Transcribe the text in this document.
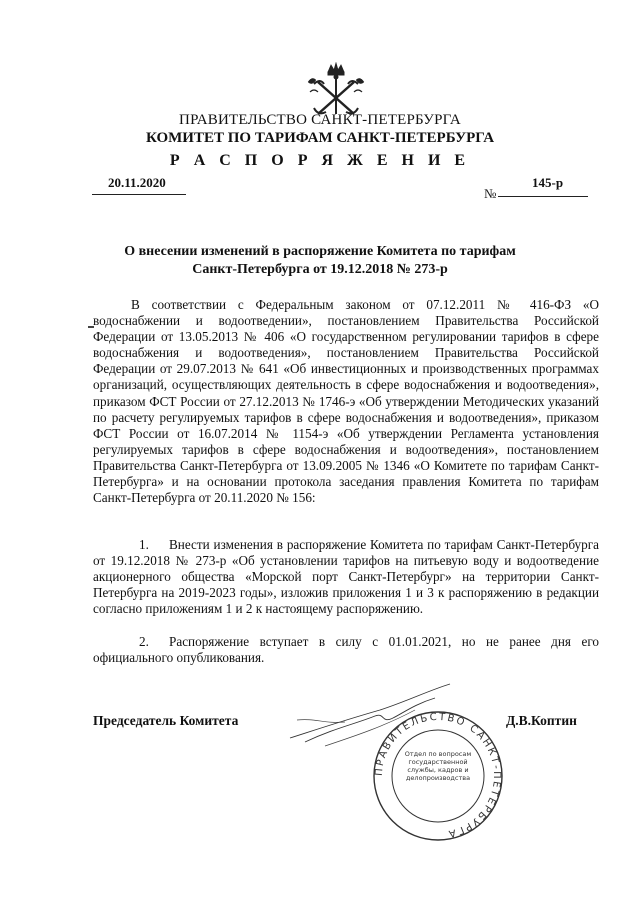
ПРАВИТЕЛЬСТВО САНКТ-ПЕТЕРБУРГА
КОМИТЕТ ПО ТАРИФАМ САНКТ-ПЕТЕРБУРГА
Р А С П О Р Я Ж Е Н И Е
20.11.2020
№
145-р
О внесении изменений в распоряжение Комитета по тарифам
Санкт-Петербурга от 19.12.2018 № 273-р
В соответствии с Федеральным законом от 07.12.2011 № 416-ФЗ «О водоснабжении и водоотведении», постановлением Правительства Российской Федерации от 13.05.2013 № 406 «О государственном регулировании тарифов в сфере водоснабжения и водоотведения», постановлением Правительства Российской Федерации от 29.07.2013 № 641 «Об инвестиционных и производственных программах организаций, осуществляющих деятельность в сфере водоснабжения и водоотведения», приказом ФСТ России от 27.12.2013 № 1746-э «Об утверждении Методических указаний по расчету регулируемых тарифов в сфере водоснабжения и водоотведения», приказом ФСТ России от 16.07.2014 № 1154-э «Об утверждении Регламента установления регулируемых тарифов в сфере водоснабжения и водоотведения», постановлением Правительства Санкт-Петербурга от 13.09.2005 № 1346 «О Комитете по тарифам Санкт-Петербурга» и на основании протокола заседания правления Комитета по тарифам Санкт-Петербурга от 20.11.2020 № 156:
1. Внести изменения в распоряжение Комитета по тарифам Санкт-Петербурга от 19.12.2018 № 273-р «Об установлении тарифов на питьевую воду и водоотведение акционерного общества «Морской порт Санкт-Петербург» на территории Санкт-Петербурга на 2019-2023 годы», изложив приложения 1 и 3 к распоряжению в редакции согласно приложениям 1 и 2 к настоящему распоряжению.
2. Распоряжение вступает в силу с 01.01.2021, но не ранее дня его официального опубликования.
Председатель Комитета
ПРАВИТЕЛЬСТВО САНКТ-ПЕТЕРБУРГА
Отдел по вопросам государственной службы, кадров и делопроизводства
Д.В.Коптин
